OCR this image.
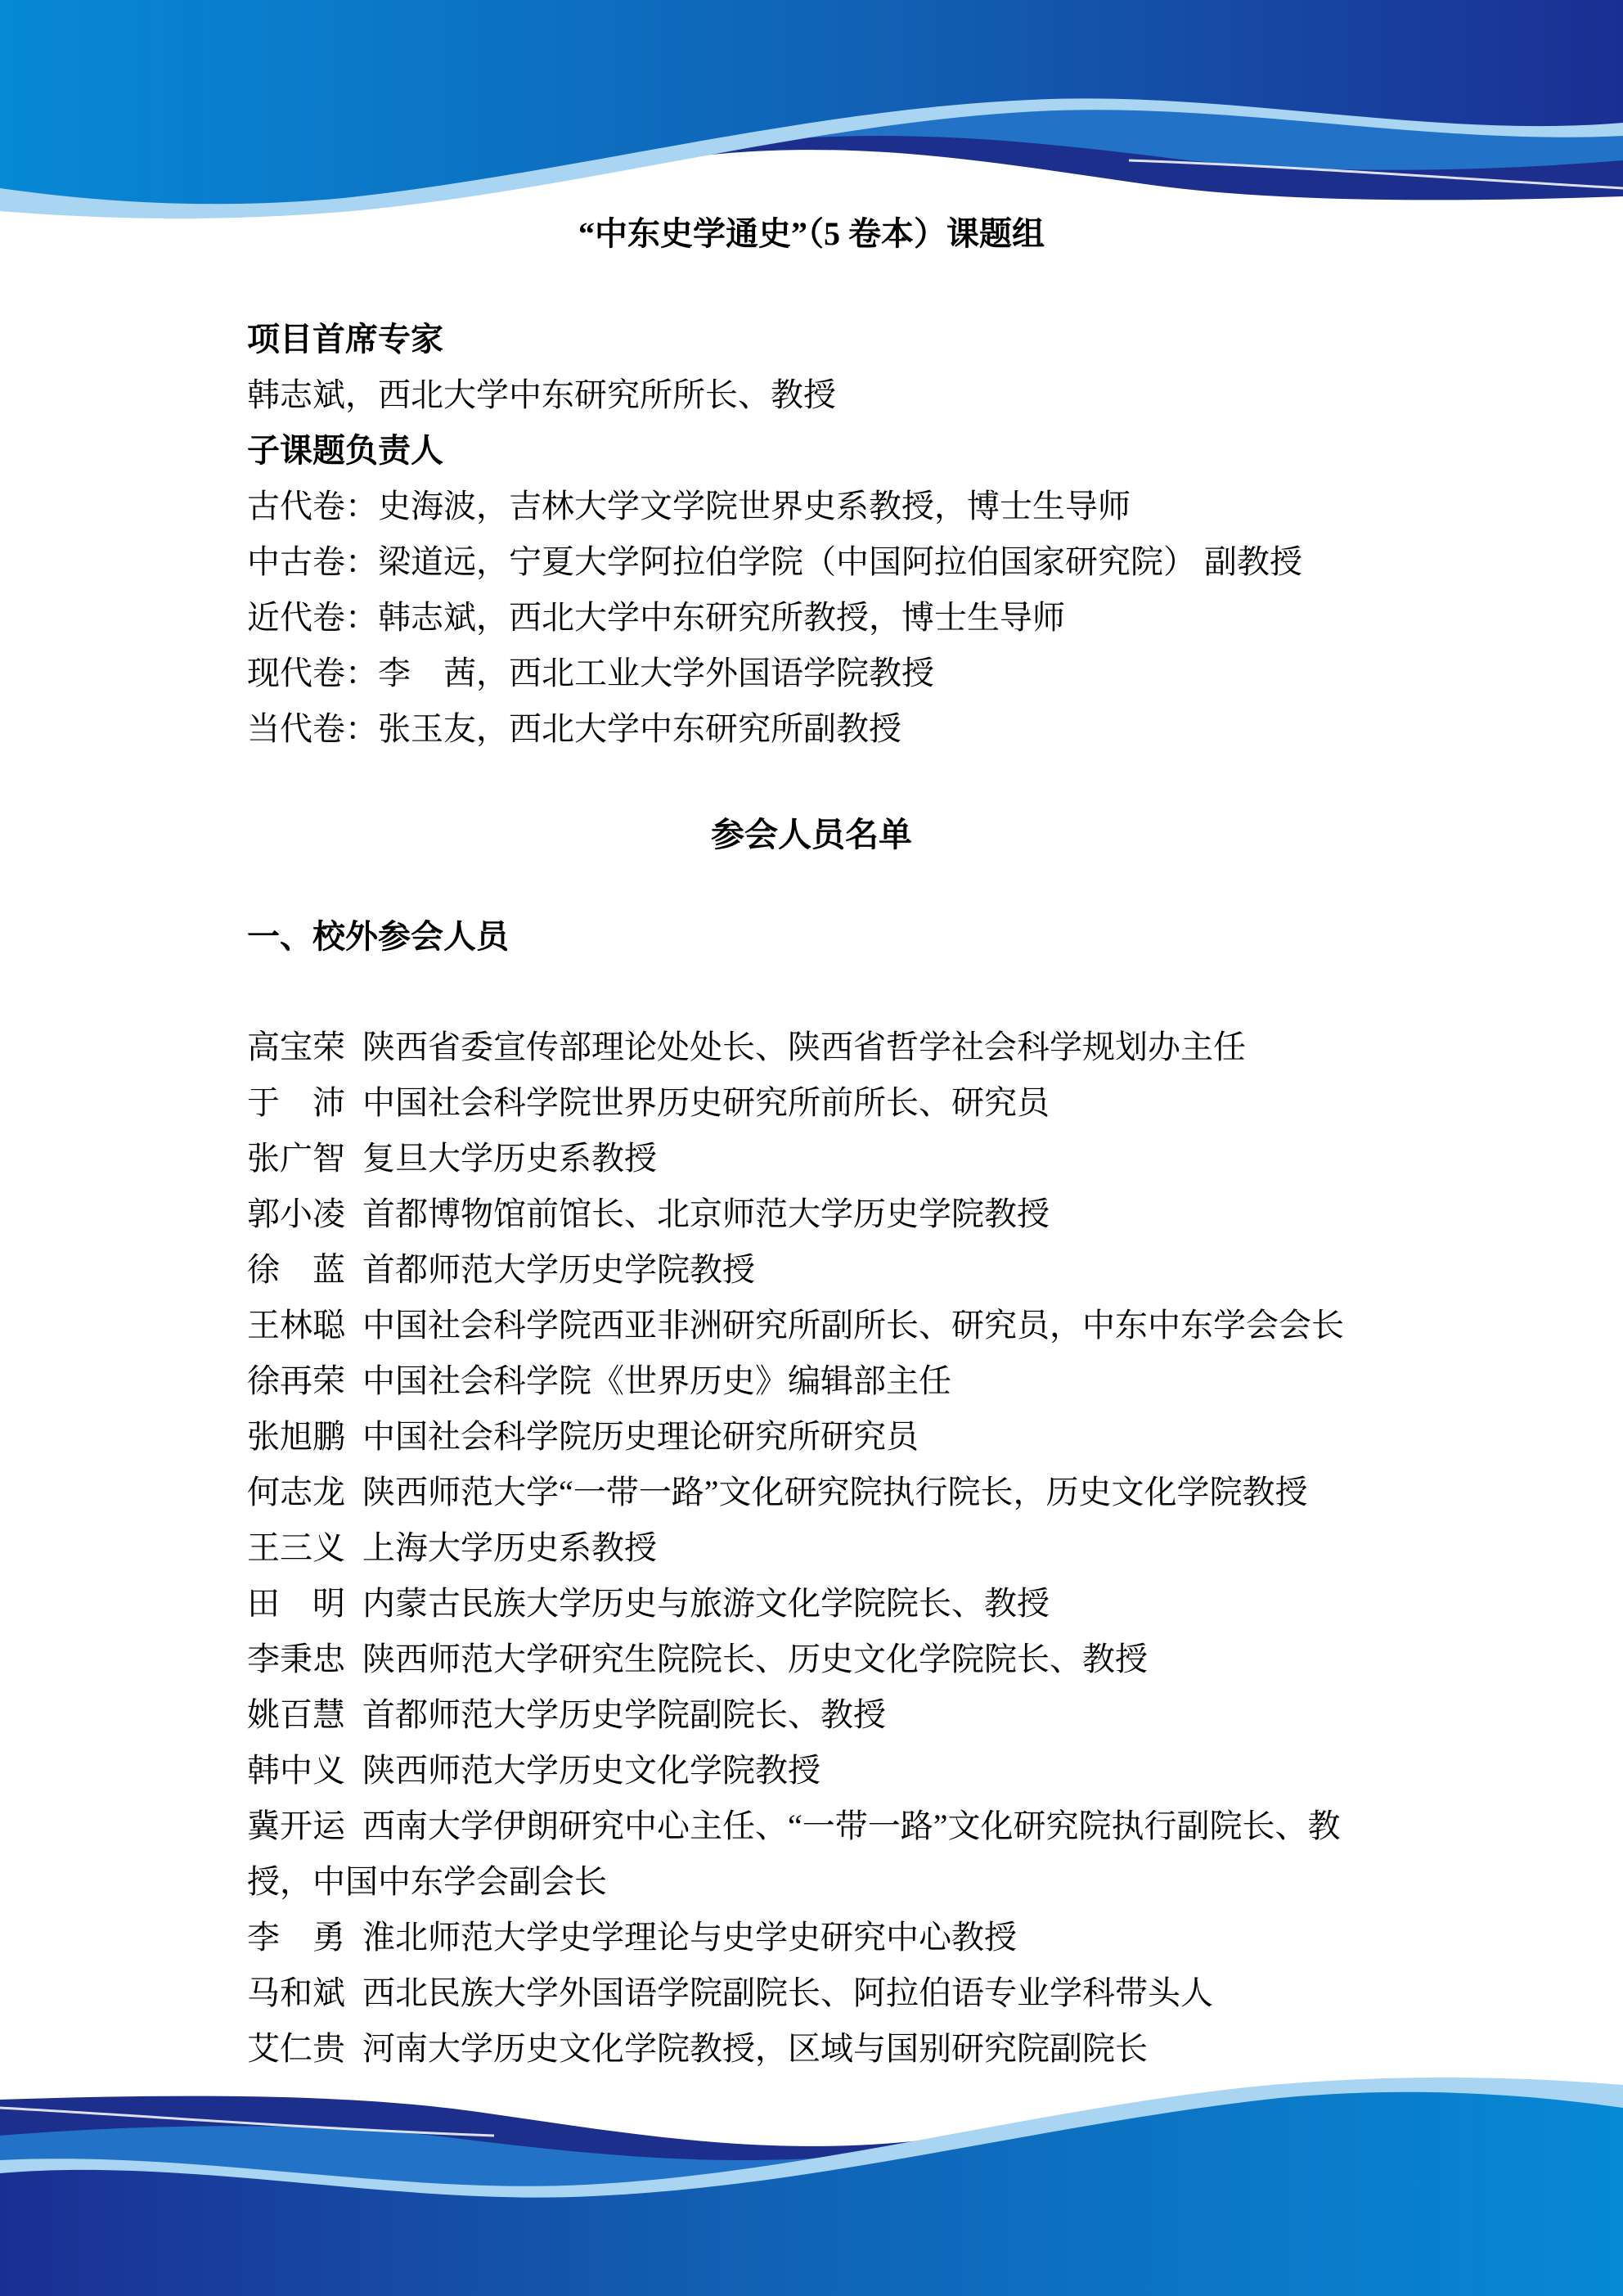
“中东史学通史”（5 卷本）课题组
项目首席专家
韩志斌，西北大学中东研究所所长、教授
子课题负责人
古代卷：史海波，吉林大学文学院世界史系教授，博士生导师
中古卷：梁道远，宁夏大学阿拉伯学院（中国阿拉伯国家研究院） 副教授
近代卷：韩志斌，西北大学中东研究所教授，博士生导师
现代卷：李　茜，西北工业大学外国语学院教授
当代卷：张玉友，西北大学中东研究所副教授
参会人员名单
一、校外参会人员
高宝荣 陕西省委宣传部理论处处长、陕西省哲学社会科学规划办主任
于　沛 中国社会科学院世界历史研究所前所长、研究员
张广智 复旦大学历史系教授
郭小凌 首都博物馆前馆长、北京师范大学历史学院教授
徐　蓝 首都师范大学历史学院教授
王林聪 中国社会科学院西亚非洲研究所副所长、研究员，中东中东学会会长
徐再荣 中国社会科学院《世界历史》编辑部主任
张旭鹏 中国社会科学院历史理论研究所研究员
何志龙 陕西师范大学“一带一路”文化研究院执行院长，历史文化学院教授
王三义 上海大学历史系教授
田　明 内蒙古民族大学历史与旅游文化学院院长、教授
李秉忠 陕西师范大学研究生院院长、历史文化学院院长、教授
姚百慧 首都师范大学历史学院副院长、教授
韩中义 陕西师范大学历史文化学院教授
冀开运 西南大学伊朗研究中心主任、“一带一路”文化研究院执行副院长、教授，中国中东学会副会长
李　勇 淮北师范大学史学理论与史学史研究中心教授
马和斌 西北民族大学外国语学院副院长、阿拉伯语专业学科带头人
艾仁贵 河南大学历史文化学院教授，区域与国别研究院副院长
